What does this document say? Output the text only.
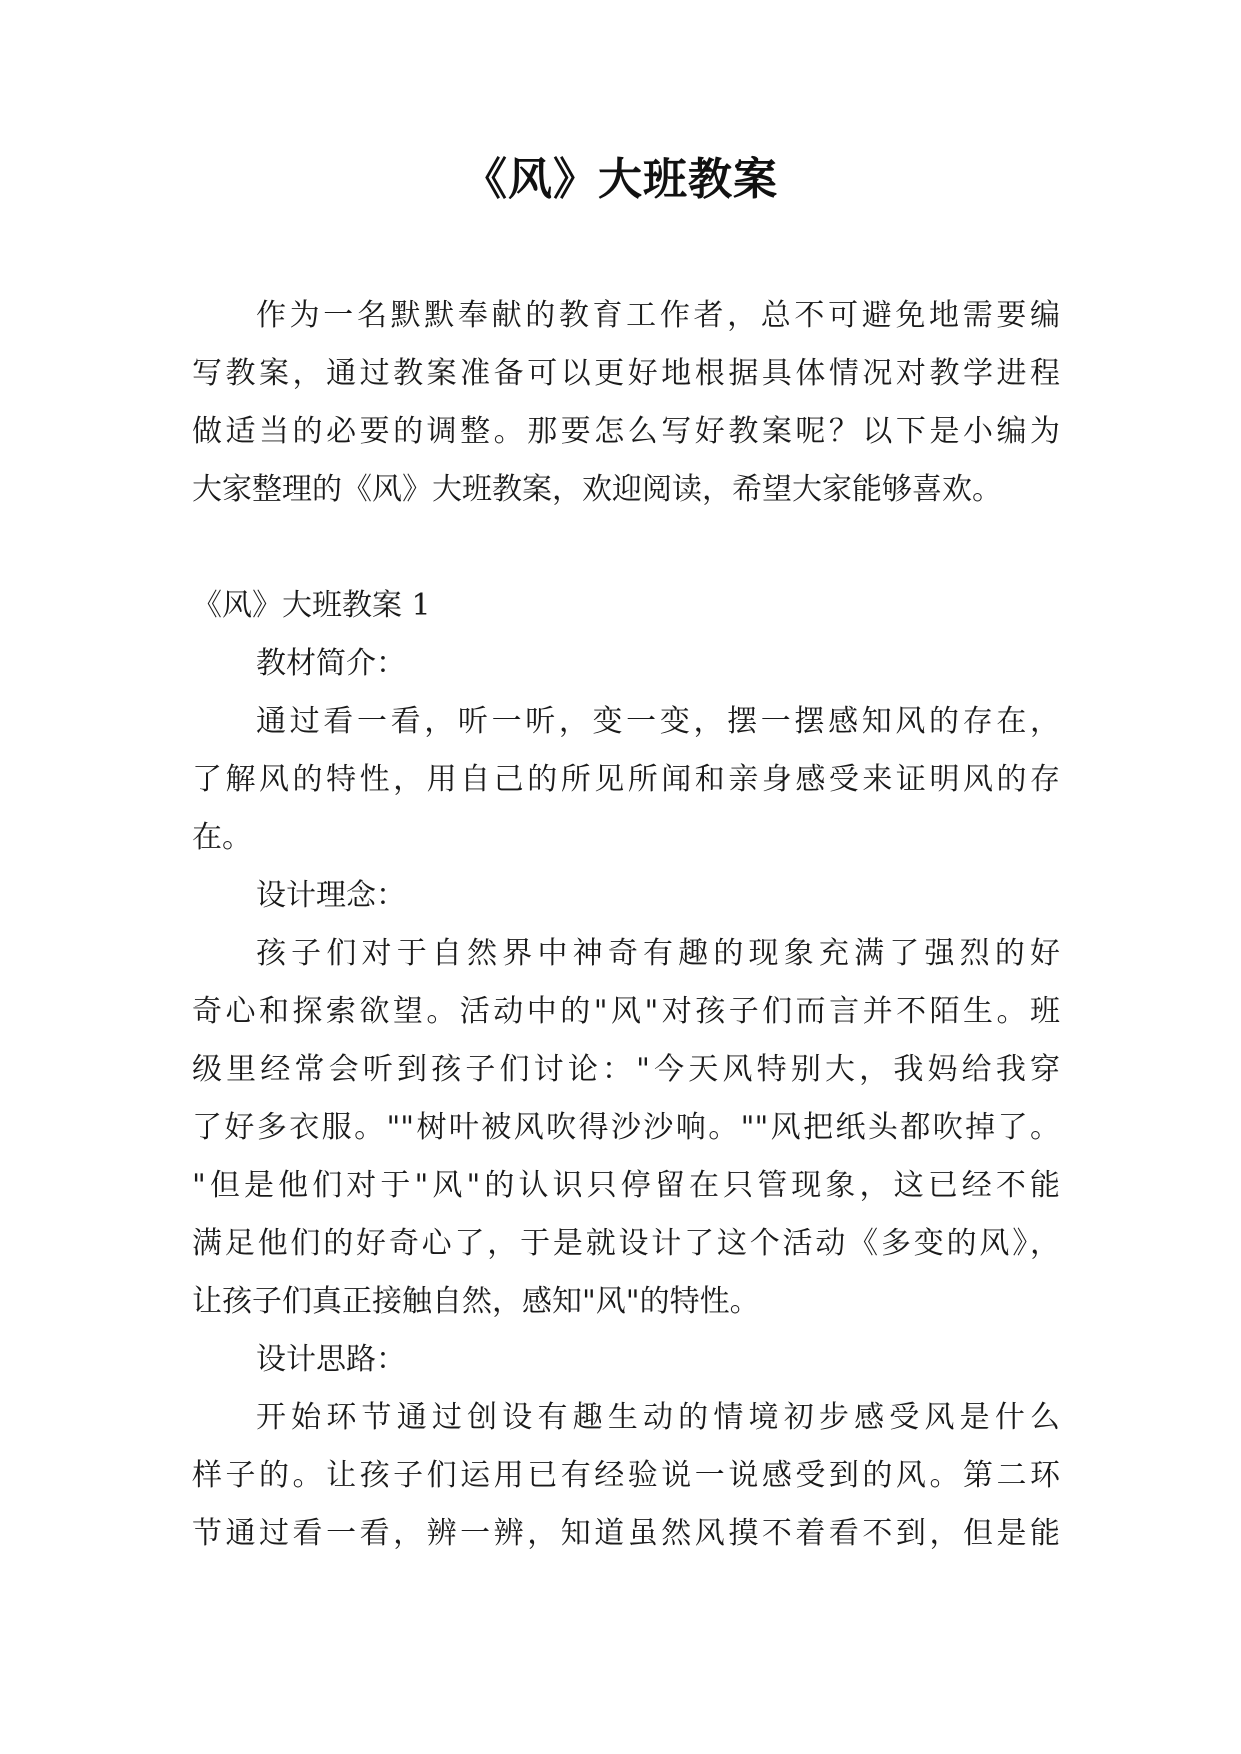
《风》大班教案
作为一名默默奉献的教育工作者，总不可避免地需要编
写教案，通过教案准备可以更好地根据具体情况对教学进程
做适当的必要的调整。那要怎么写好教案呢？以下是小编为
大家整理的《风》大班教案，欢迎阅读，希望大家能够喜欢。
《风》大班教案 1
教材简介：
通过看一看，听一听，变一变，摆一摆感知风的存在，
了解风的特性，用自己的所见所闻和亲身感受来证明风的存
在。
设计理念：
孩子们对于自然界中神奇有趣的现象充满了强烈的好
奇心和探索欲望。活动中的"风"对孩子们而言并不陌生。班
级里经常会听到孩子们讨论："今天风特别大，我妈给我穿
了好多衣服。""树叶被风吹得沙沙响。""风把纸头都吹掉了。
"但是他们对于"风"的认识只停留在只管现象，这已经不能
满足他们的好奇心了，于是就设计了这个活动《多变的风》，
让孩子们真正接触自然，感知"风"的特性。
设计思路：
开始环节通过创设有趣生动的情境初步感受风是什么
样子的。让孩子们运用已有经验说一说感受到的风。第二环
节通过看一看，辨一辨，知道虽然风摸不着看不到，但是能
